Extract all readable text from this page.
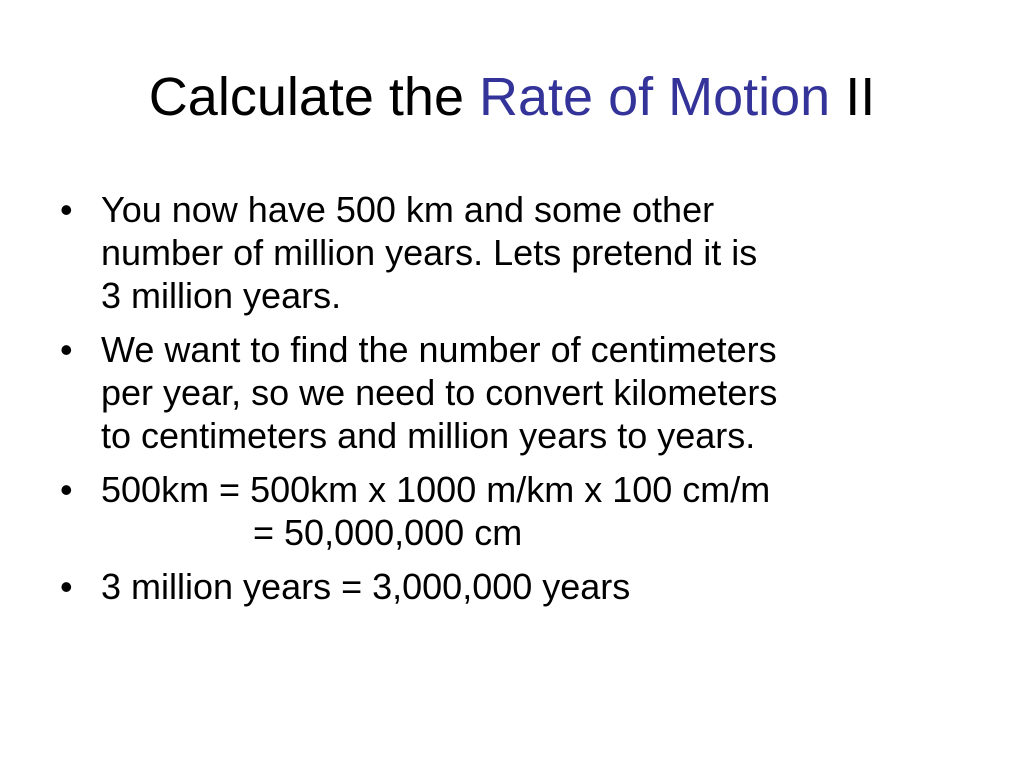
Calculate the Rate of Motion II
• You now have 500 km and some other
number of million years. Lets pretend it is
3 million years.
• We want to find the number of centimeters
per year, so we need to convert kilometers
to centimeters and million years to years.
• 500km = 500km x 1000 m/km x 100 cm/m
= 50,000,000 cm
• 3 million years = 3,000,000 years
